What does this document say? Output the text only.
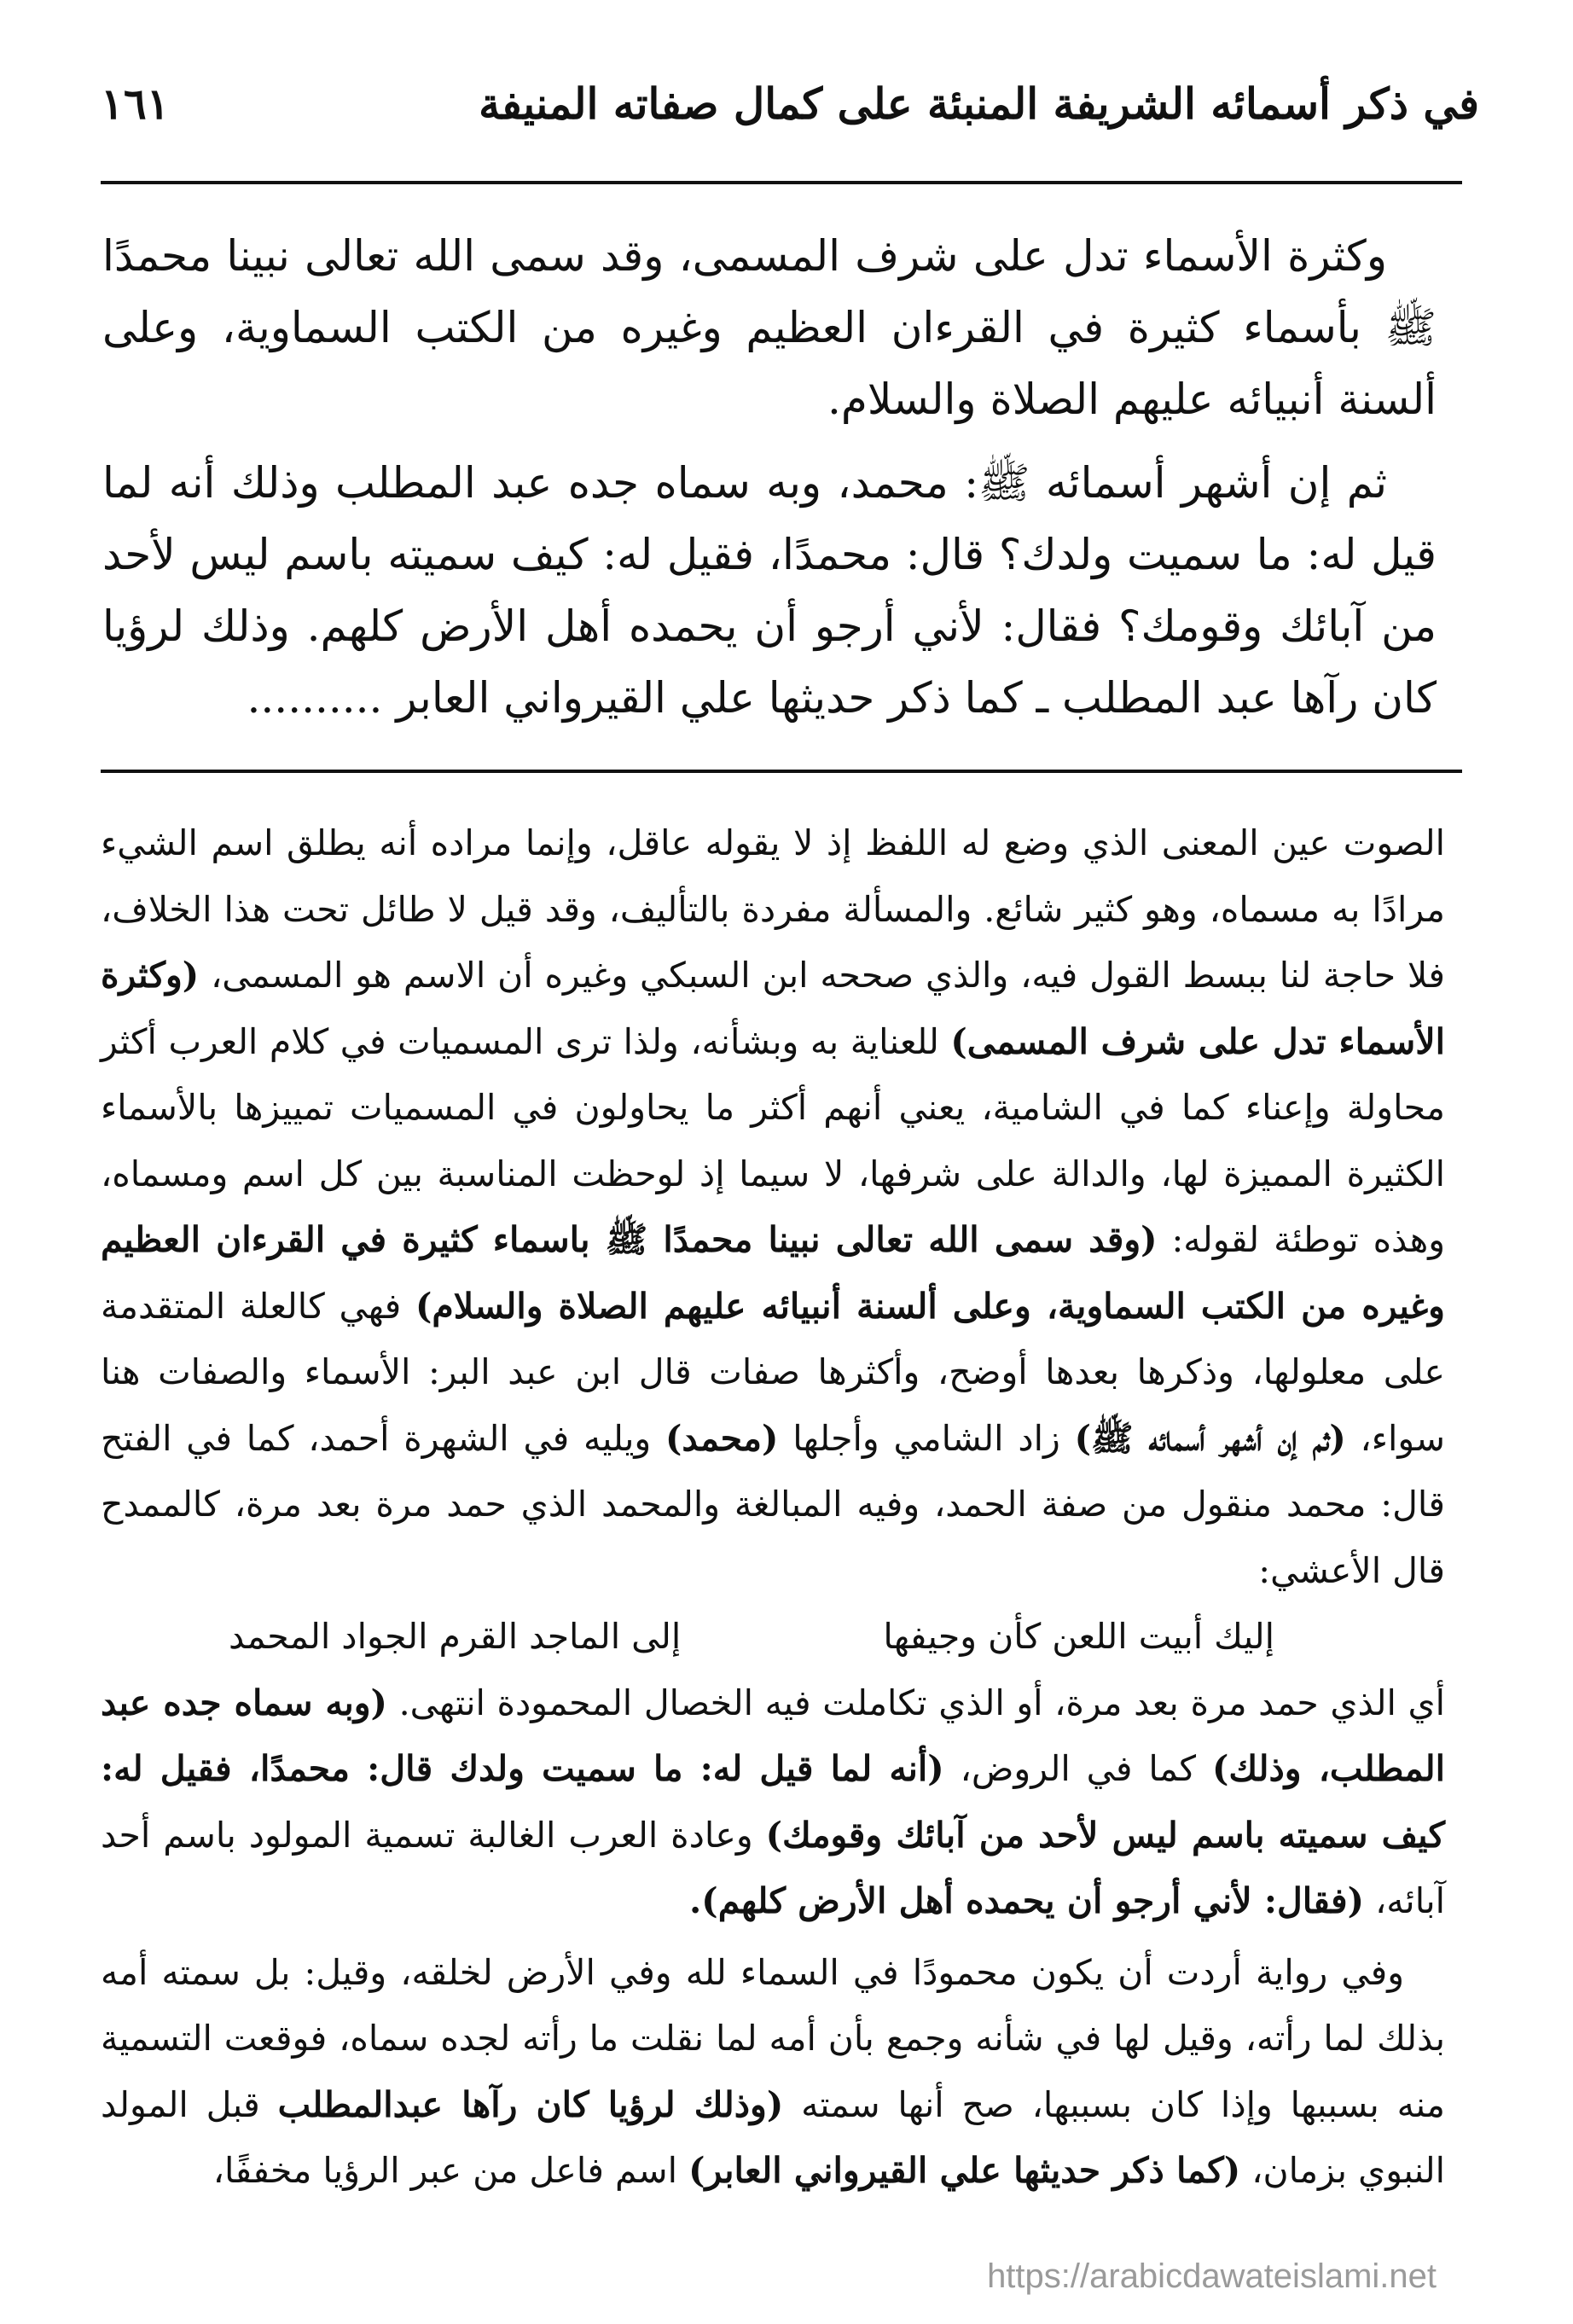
في ذكر أسمائه الشريفة المنبئة على كمال صفاته المنيفة
١٦١

وكثرة الأسماء تدل على شرف المسمى، وقد سمى الله تعالى نبينا محمدًا ﷺ بأسماء كثيرة في القرءان العظيم وغيره من الكتب السماوية، وعلى ألسنة أنبيائه عليهم الصلاة والسلام.

ثم إن أشهر أسمائه ﷺ: محمد، وبه سماه جده عبد المطلب وذلك أنه لما قيل له: ما سميت ولدك؟ قال: محمدًا، فقيل له: كيف سميته باسم ليس لأحد من آبائك وقومك؟ فقال: لأني أرجو أن يحمده أهل الأرض كلهم. وذلك لرؤيا كان رآها عبد المطلب ـ كما ذكر حديثها علي القيرواني العابر ..........

الصوت عين المعنى الذي وضع له اللفظ إذ لا يقوله عاقل، وإنما مراده أنه يطلق اسم الشيء مرادًا به مسماه، وهو كثير شائع. والمسألة مفردة بالتأليف، وقد قيل لا طائل تحت هذا الخلاف، فلا حاجة لنا ببسط القول فيه، والذي صححه ابن السبكي وغيره أن الاسم هو المسمى، (وكثرة الأسماء تدل على شرف المسمى) للعناية به وبشأنه، ولذا ترى المسميات في كلام العرب أكثر محاولة وإعناء كما في الشامية، يعني أنهم أكثر ما يحاولون في المسميات تمييزها بالأسماء الكثيرة المميزة لها، والدالة على شرفها، لا سيما إذ لوحظت المناسبة بين كل اسم ومسماه، وهذه توطئة لقوله: (وقد سمى الله تعالى نبينا محمدًا ﷺ باسماء كثيرة في القرءان العظيم وغيره من الكتب السماوية، وعلى ألسنة أنبيائه عليهم الصلاة والسلام) فهي كالعلة المتقدمة على معلولها، وذكرها بعدها أوضح، وأكثرها صفات قال ابن عبد البر: الأسماء والصفات هنا سواء، (ثم إن أشهر أسمائه ﷺ) زاد الشامي وأجلها (محمد) ويليه في الشهرة أحمد، كما في الفتح قال: محمد منقول من صفة الحمد، وفيه المبالغة والمحمد الذي حمد مرة بعد مرة، كالممدح قال الأعشي:

إليك أبيت اللعن كأن وجيفها
إلى الماجد القرم الجواد المحمد

أي الذي حمد مرة بعد مرة، أو الذي تكاملت فيه الخصال المحمودة انتهى. (وبه سماه جده عبد المطلب، وذلك) كما في الروض، (أنه لما قيل له: ما سميت ولدك قال: محمدًا، فقيل له: كيف سميته باسم ليس لأحد من آبائك وقومك) وعادة العرب الغالبة تسمية المولود باسم أحد آبائه، (فقال: لأني أرجو أن يحمده أهل الأرض كلهم).

وفي رواية أردت أن يكون محمودًا في السماء لله وفي الأرض لخلقه، وقيل: بل سمته أمه بذلك لما رأته، وقيل لها في شأنه وجمع بأن أمه لما نقلت ما رأته لجده سماه، فوقعت التسمية منه بسببها وإذا كان بسببها، صح أنها سمته (وذلك لرؤيا كان رآها عبدالمطلب قبل المولد النبوي بزمان، (كما ذكر حديثها علي القيرواني العابر) اسم فاعل من عبر الرؤيا مخففًا،

https://arabicdawateislami.net
